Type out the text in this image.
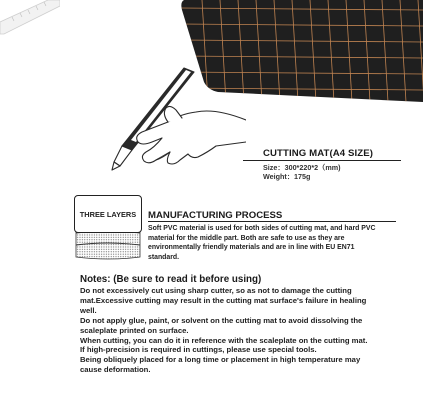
CUTTING MAT(A4 SIZE)
Size：300*220*2（mm)
Weight：175g
THREE LAYERS	MANUFACTURING PROCESS
Soft PVC material is used for both sides of cutting mat, and hard PVC material for the middle part. Both are safe to use as they are environmentally friendly materials and are in line with EU EN71 standard.
Notes: (Be sure to read it before using)
Do not excessively cut using sharp cutter, so as not to damage the cutting mat.Excessive cutting may result in the cutting mat surface's failure in healing well.
Do not apply glue, paint, or solvent on the cutting mat to avoid dissolving the scaleplate printed on surface.
When cutting, you can do it in reference with the scaleplate on the cutting mat.
If high-precision is required in cuttings, please use special tools.
Being obliquely placed for a long time or placement in high temperature may cause deformation.
